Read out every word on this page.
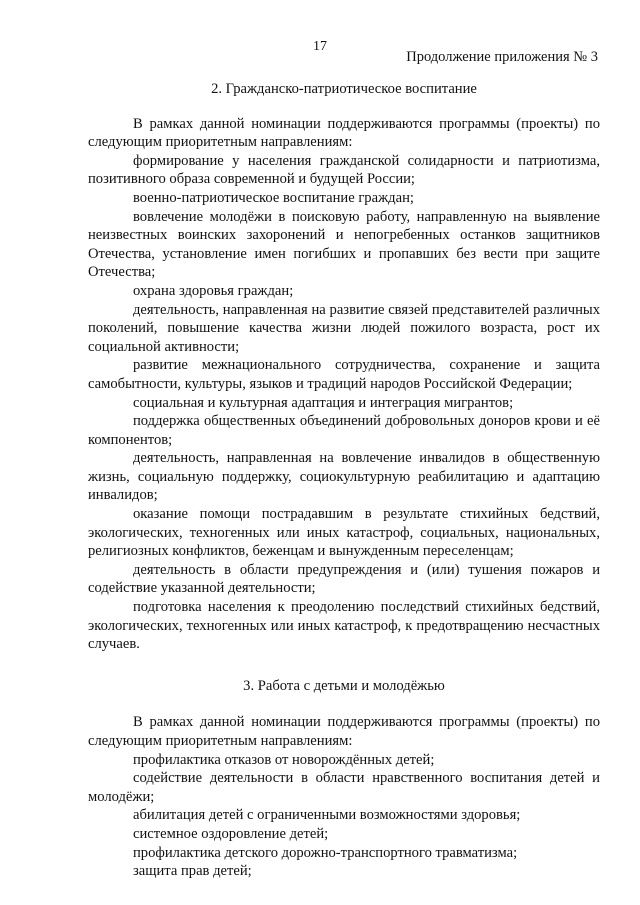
17
Продолжение приложения № 3

2. Гражданско-патриотическое воспитание

В рамках данной номинации поддерживаются программы (проекты) по следующим приоритетным направлениям:

формирование у населения гражданской солидарности и патриотизма, позитивного образа современной и будущей России;

военно-патриотическое воспитание граждан;

вовлечение молодёжи в поисковую работу, направленную на выявление неизвестных воинских захоронений и непогребенных останков защитников Отечества, установление имен погибших и пропавших без вести при защите Отечества;

охрана здоровья граждан;

деятельность, направленная на развитие связей представителей различных поколений, повышение качества жизни людей пожилого возраста, рост их социальной активности;

развитие межнационального сотрудничества, сохранение и защита самобытности, культуры, языков и традиций народов Российской Федерации;

социальная и культурная адаптация и интеграция мигрантов;

поддержка общественных объединений добровольных доноров крови и её компонентов;

деятельность, направленная на вовлечение инвалидов в общественную жизнь, социальную поддержку, социокультурную реабилитацию и адаптацию инвалидов;

оказание помощи пострадавшим в результате стихийных бедствий, экологических, техногенных или иных катастроф, социальных, национальных, религиозных конфликтов, беженцам и вынужденным переселенцам;

деятельность в области предупреждения и (или) тушения пожаров и содействие указанной деятельности;

подготовка населения к преодолению последствий стихийных бедствий, экологических, техногенных или иных катастроф, к предотвращению несчастных случаев.

3. Работа с детьми и молодёжью

В рамках данной номинации поддерживаются программы (проекты) по следующим приоритетным направлениям:

профилактика отказов от новорождённых детей;

содействие деятельности в области нравственного воспитания детей и молодёжи;

абилитация детей с ограниченными возможностями здоровья;

системное оздоровление детей;

профилактика детского дорожно-транспортного травматизма;

защита прав детей;
